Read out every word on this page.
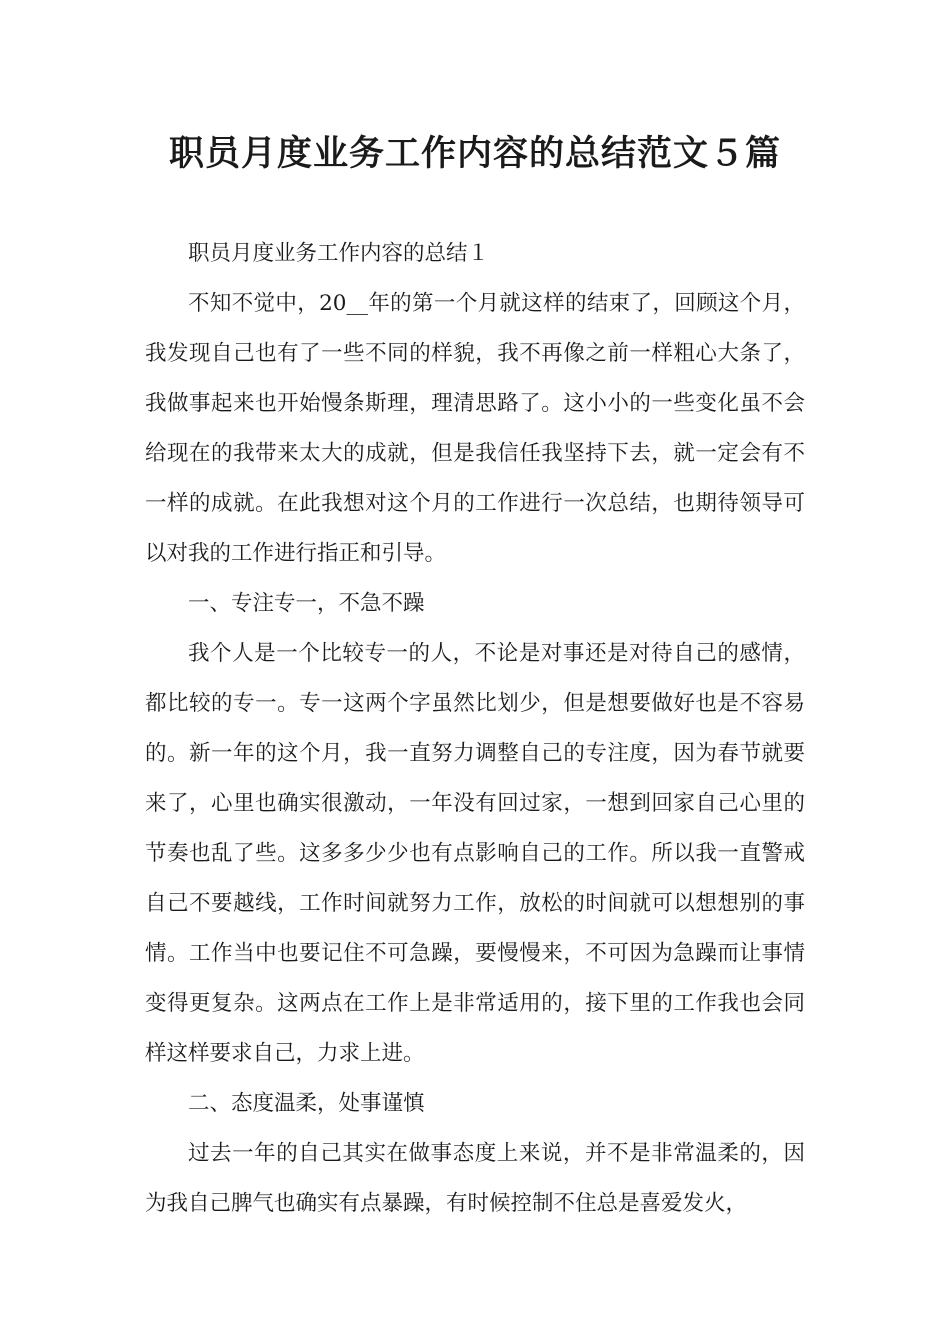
职员月度业务工作内容的总结范文５篇

职员月度业务工作内容的总结１

不知不觉中，20__年的第一个月就这样的结束了，回顾这个月，我发现自己也有了一些不同的样貌，我不再像之前一样粗心大条了，我做事起来也开始慢条斯理，理清思路了。这小小的一些变化虽不会给现在的我带来太大的成就，但是我信任我坚持下去，就一定会有不一样的成就。在此我想对这个月的工作进行一次总结，也期待领导可以对我的工作进行指正和引导。

一、专注专一，不急不躁

我个人是一个比较专一的人，不论是对事还是对待自己的感情，都比较的专一。专一这两个字虽然比划少，但是想要做好也是不容易的。新一年的这个月，我一直努力调整自己的专注度，因为春节就要来了，心里也确实很激动，一年没有回过家，一想到回家自己心里的节奏也乱了些。这多多少少也有点影响自己的工作。所以我一直警戒自己不要越线，工作时间就努力工作，放松的时间就可以想想别的事情。工作当中也要记住不可急躁，要慢慢来，不可因为急躁而让事情变得更复杂。这两点在工作上是非常适用的，接下里的工作我也会同样这样要求自己，力求上进。

二、态度温柔，处事谨慎

过去一年的自己其实在做事态度上来说，并不是非常温柔的，因为我自己脾气也确实有点暴躁，有时候控制不住总是喜爱发火，
